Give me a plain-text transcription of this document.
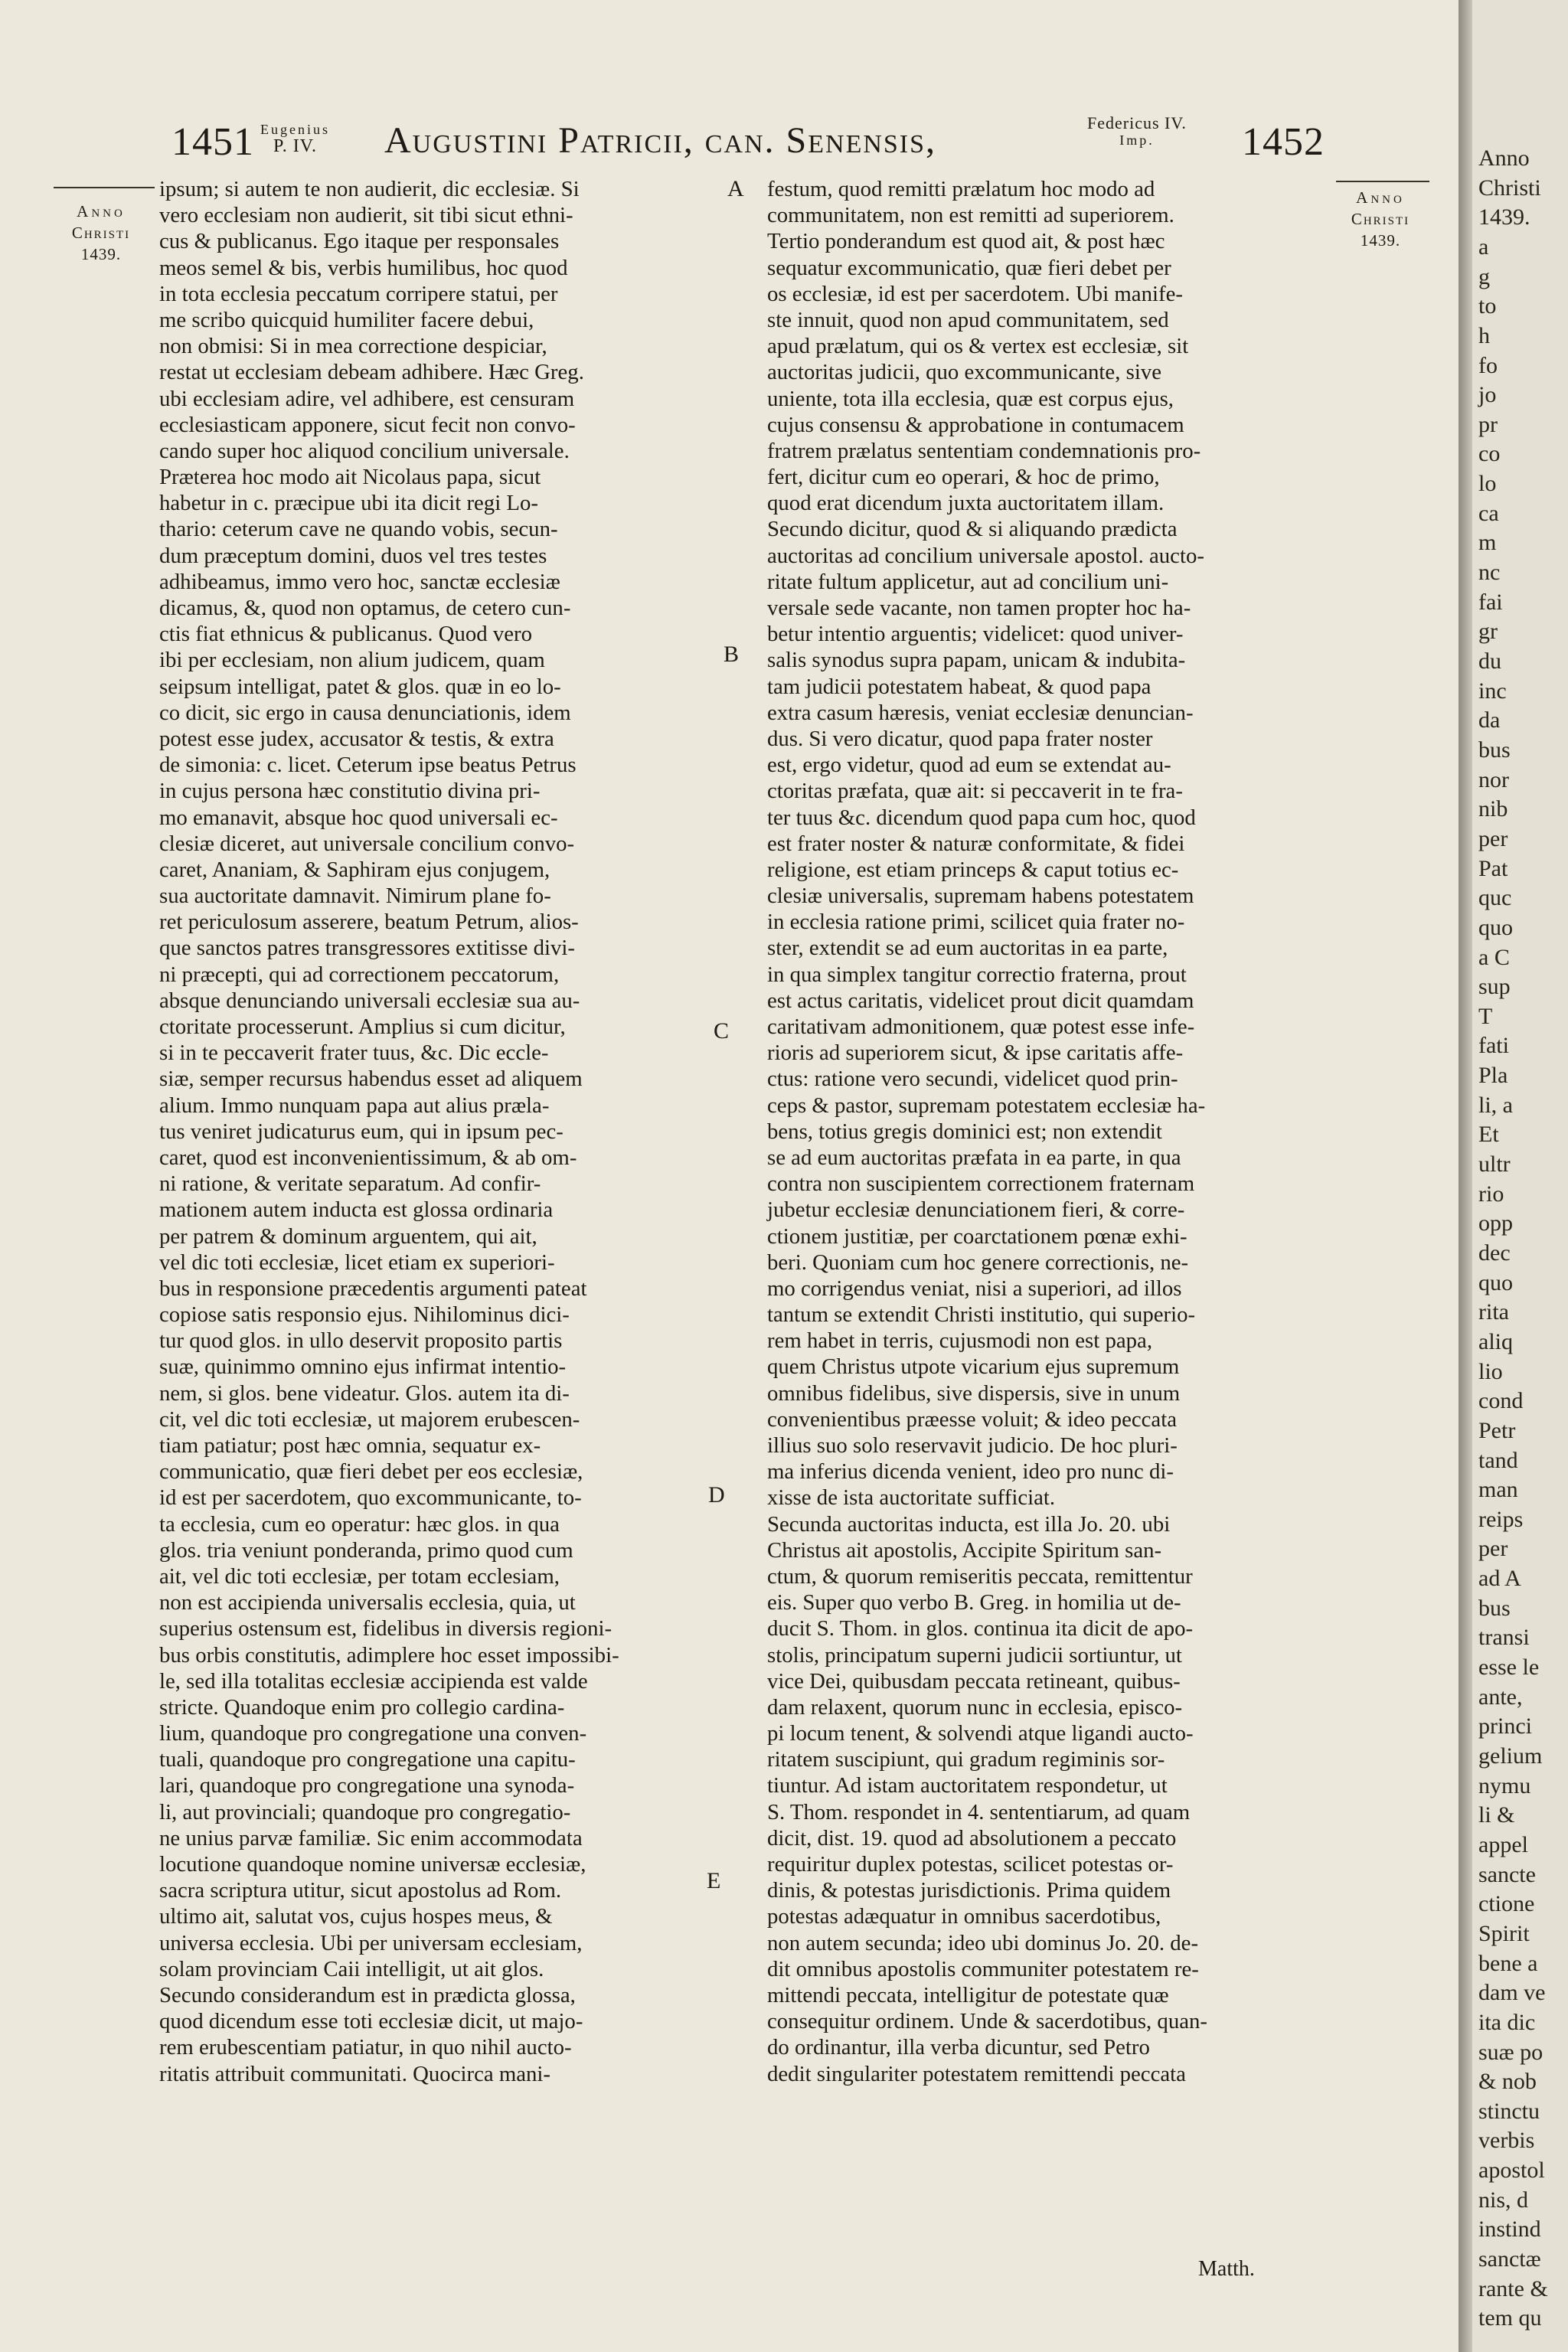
1451 Eugenius
P. IV.	Augustini Patricii, can. Senensis,	Federicus IV.
Imp.	1452
Anno
Christi
1439.
Anno
Christi
1439.
ipsum; si autem te non audierit, dic ecclesiæ. Si
vero ecclesiam non audierit, sit tibi sicut ethni-
cus & publicanus. Ego itaque per responsales
meos semel & bis, verbis humilibus, hoc quod
in tota ecclesia peccatum corripere statui, per
me scribo quicquid humiliter facere debui,
non obmisi: Si in mea correctione despiciar,
restat ut ecclesiam debeam adhibere. Hæc Greg.
ubi ecclesiam adire, vel adhibere, est censuram
ecclesiasticam apponere, sicut fecit non convo-
cando super hoc aliquod concilium universale.
Præterea hoc modo ait Nicolaus papa, sicut
habetur in c. præcipue ubi ita dicit regi Lo-
thario: ceterum cave ne quando vobis, secun-
dum præceptum domini, duos vel tres testes
adhibeamus, immo vero hoc, sanctæ ecclesiæ
dicamus, &, quod non optamus, de cetero cun-
ctis fiat ethnicus & publicanus. Quod vero
ibi per ecclesiam, non alium judicem, quam
seipsum intelligat, patet & glos. quæ in eo lo-
co dicit, sic ergo in causa denunciationis, idem
potest esse judex, accusator & testis, & extra
de simonia: c. licet. Ceterum ipse beatus Petrus
in cujus persona hæc constitutio divina pri-
mo emanavit, absque hoc quod universali ec-
clesiæ diceret, aut universale concilium convo-
caret, Ananiam, & Saphiram ejus conjugem,
sua auctoritate damnavit. Nimirum plane fo-
ret periculosum asserere, beatum Petrum, alios-
que sanctos patres transgressores extitisse divi-
ni præcepti, qui ad correctionem peccatorum,
absque denunciando universali ecclesiæ sua au-
ctoritate processerunt. Amplius si cum dicitur,
si in te peccaverit frater tuus, &c. Dic eccle-
siæ, semper recursus habendus esset ad aliquem
alium. Immo nunquam papa aut alius præla-
tus veniret judicaturus eum, qui in ipsum pec-
caret, quod est inconvenientissimum, & ab om-
ni ratione, & veritate separatum. Ad confir-
mationem autem inducta est glossa ordinaria
per patrem & dominum arguentem, qui ait,
vel dic toti ecclesiæ, licet etiam ex superiori-
bus in responsione præcedentis argumenti pateat
copiose satis responsio ejus. Nihilominus dici-
tur quod glos. in ullo deservit proposito partis
suæ, quinimmo omnino ejus infirmat intentio-
nem, si glos. bene videatur. Glos. autem ita di-
cit, vel dic toti ecclesiæ, ut majorem erubescen-
tiam patiatur; post hæc omnia, sequatur ex-
communicatio, quæ fieri debet per eos ecclesiæ,
id est per sacerdotem, quo excommunicante, to-
ta ecclesia, cum eo operatur: hæc glos. in qua
glos. tria veniunt ponderanda, primo quod cum
ait, vel dic toti ecclesiæ, per totam ecclesiam,
non est accipienda universalis ecclesia, quia, ut
superius ostensum est, fidelibus in diversis regioni-
bus orbis constitutis, adimplere hoc esset impossibi-
le, sed illa totalitas ecclesiæ accipienda est valde
stricte. Quandoque enim pro collegio cardina-
lium, quandoque pro congregatione una conven-
tuali, quandoque pro congregatione una capitu-
lari, quandoque pro congregatione una synoda-
li, aut provinciali; quandoque pro congregatio-
ne unius parvæ familiæ. Sic enim accommodata
locutione quandoque nomine universæ ecclesiæ,
sacra scriptura utitur, sicut apostolus ad Rom.
ultimo ait, salutat vos, cujus hospes meus, &
universa ecclesia. Ubi per universam ecclesiam,
solam provinciam Caii intelligit, ut ait glos.
Secundo considerandum est in prædicta glossa,
quod dicendum esse toti ecclesiæ dicit, ut majo-
rem erubescentiam patiatur, in quo nihil aucto-
ritatis attribuit communitati. Quocirca mani-
festum, quod remitti prælatum hoc modo ad
communitatem, non est remitti ad superiorem.
Tertio ponderandum est quod ait, & post hæc
sequatur excommunicatio, quæ fieri debet per
os ecclesiæ, id est per sacerdotem. Ubi manife-
ste innuit, quod non apud communitatem, sed
apud prælatum, qui os & vertex est ecclesiæ, sit
auctoritas judicii, quo excommunicante, sive
uniente, tota illa ecclesia, quæ est corpus ejus,
cujus consensu & approbatione in contumacem
fratrem prælatus sententiam condemnationis pro-
fert, dicitur cum eo operari, & hoc de primo,
quod erat dicendum juxta auctoritatem illam.
Secundo dicitur, quod & si aliquando prædicta
auctoritas ad concilium universale apostol. aucto-
ritate fultum applicetur, aut ad concilium uni-
versale sede vacante, non tamen propter hoc ha-
betur intentio arguentis; videlicet: quod univer-
salis synodus supra papam, unicam & indubita-
tam judicii potestatem habeat, & quod papa
extra casum hæresis, veniat ecclesiæ denuncian-
dus. Si vero dicatur, quod papa frater noster
est, ergo videtur, quod ad eum se extendat au-
ctoritas præfata, quæ ait: si peccaverit in te fra-
ter tuus &c. dicendum quod papa cum hoc, quod
est frater noster & naturæ conformitate, & fidei
religione, est etiam princeps & caput totius ec-
clesiæ universalis, supremam habens potestatem
in ecclesia ratione primi, scilicet quia frater no-
ster, extendit se ad eum auctoritas in ea parte,
in qua simplex tangitur correctio fraterna, prout
est actus caritatis, videlicet prout dicit quamdam
caritativam admonitionem, quæ potest esse infe-
rioris ad superiorem sicut, & ipse caritatis affe-
ctus: ratione vero secundi, videlicet quod prin-
ceps & pastor, supremam potestatem ecclesiæ ha-
bens, totius gregis dominici est; non extendit
se ad eum auctoritas præfata in ea parte, in qua
contra non suscipientem correctionem fraternam
jubetur ecclesiæ denunciationem fieri, & corre-
ctionem justitiæ, per coarctationem pœnæ exhi-
beri. Quoniam cum hoc genere correctionis, ne-
mo corrigendus veniat, nisi a superiori, ad illos
tantum se extendit Christi institutio, qui superio-
rem habet in terris, cujusmodi non est papa,
quem Christus utpote vicarium ejus supremum
omnibus fidelibus, sive dispersis, sive in unum
convenientibus præesse voluit; & ideo peccata
illius suo solo reservavit judicio. De hoc pluri-
ma inferius dicenda venient, ideo pro nunc di-
xisse de ista auctoritate sufficiat.
Secunda auctoritas inducta, est illa Jo. 20. ubi
Christus ait apostolis, Accipite Spiritum san-
ctum, & quorum remiseritis peccata, remittentur
eis. Super quo verbo B. Greg. in homilia ut de-
ducit S. Thom. in glos. continua ita dicit de apo-
stolis, principatum superni judicii sortiuntur, ut
vice Dei, quibusdam peccata retineant, quibus-
dam relaxent, quorum nunc in ecclesia, episco-
pi locum tenent, & solvendi atque ligandi aucto-
ritatem suscipiunt, qui gradum regiminis sor-
tiuntur. Ad istam auctoritatem respondetur, ut
S. Thom. respondet in 4. sententiarum, ad quam
dicit, dist. 19. quod ad absolutionem a peccato
requiritur duplex potestas, scilicet potestas or-
dinis, & potestas jurisdictionis. Prima quidem
potestas adæquatur in omnibus sacerdotibus,
non autem secunda; ideo ubi dominus Jo. 20. de-
dit omnibus apostolis communiter potestatem re-
mittendi peccata, intelligitur de potestate quæ
consequitur ordinem. Unde & sacerdotibus, quan-
do ordinantur, illa verba dicuntur, sed Petro
dedit singulariter potestatem remittendi peccata
A
B
C
D
E
Matth.
Anno
Christi
1439.
a
g
to
h
fo
jo
pr
co
lo
ca
m
nc
fai
gr
du
inc
da
bus
nor
nib
per
Pat
quc
quo
a C
sup
T
fati
Pla
li, a
Et
ultr
rio
opp
dec
quo
rita
aliq
lio
cond
Petr
tand
man
reips
per
ad A
bus
transi
esse le
ante,
princi
gelium
nymu
li &
appel
sancte
ctione
Spirit
bene a
dam ve
ita dic
suæ po
& nob
stinctu
verbis
apostol
nis, d
instind
sanctæ
rante &
tem qu
